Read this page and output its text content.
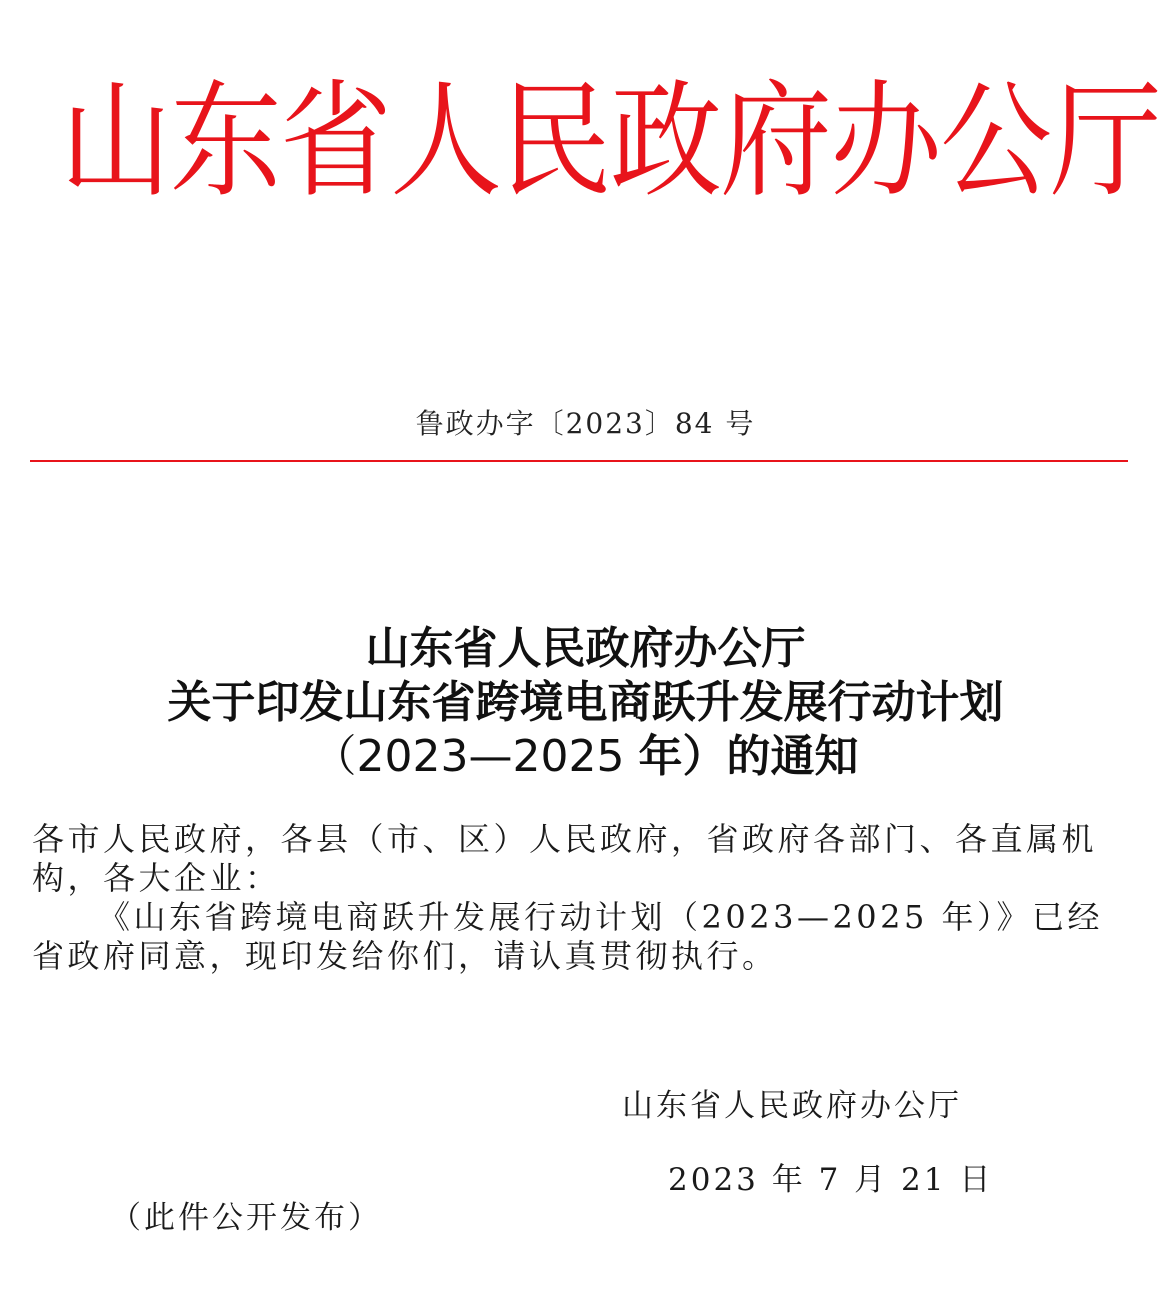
山东省人民政府办公厅
鲁政办字〔2023〕84 号
山东省人民政府办公厅
关于印发山东省跨境电商跃升发展行动计划
（2023—2025 年）的通知

各市人民政府，各县（市、区）人民政府，省政府各部门、各直属机构，各大企业：

《山东省跨境电商跃升发展行动计划（2023—2025 年）》已经省政府同意，现印发给你们，请认真贯彻执行。

山东省人民政府办公厅
2023 年 7 月 21 日
（此件公开发布）
